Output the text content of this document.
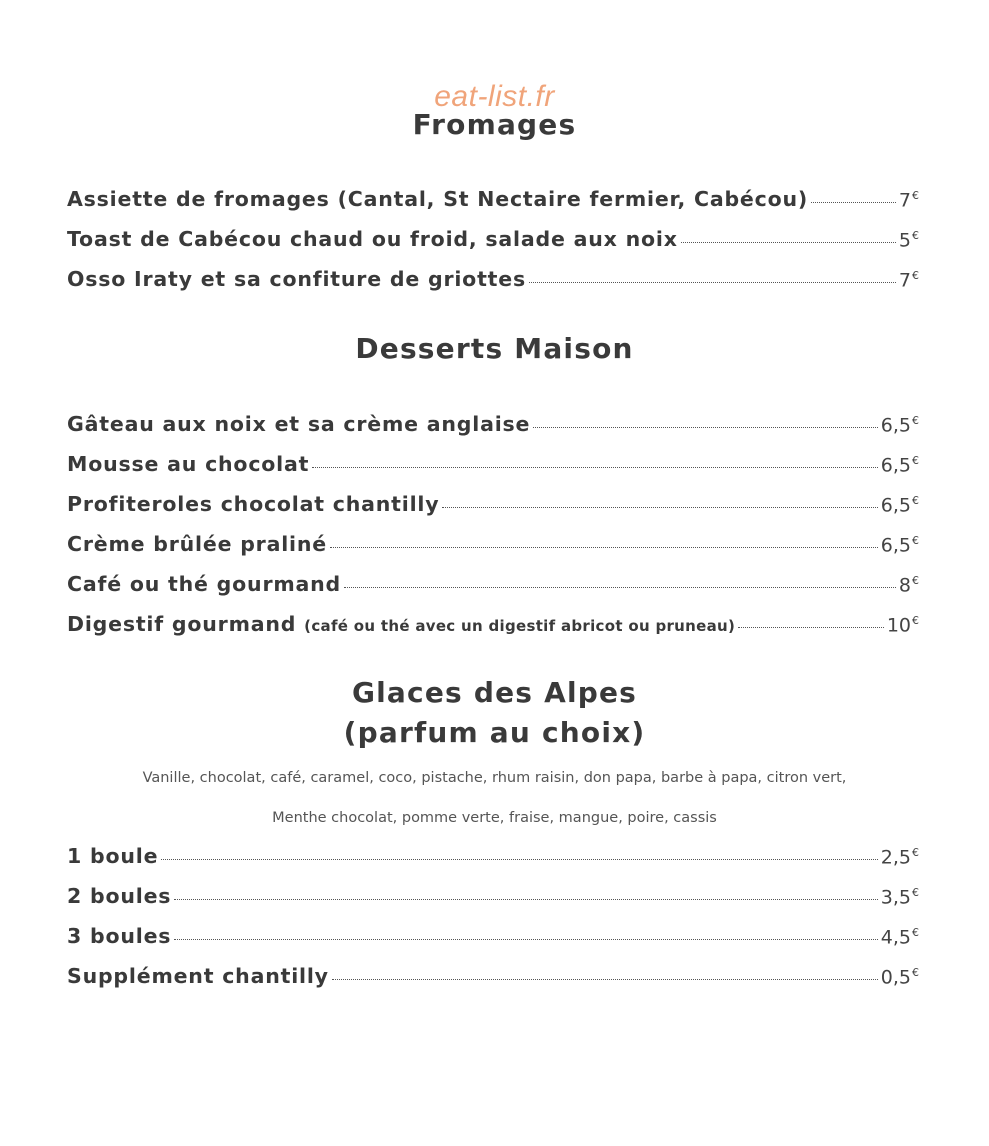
eat-list.fr
Fromages
Assiette de fromages (Cantal, St Nectaire fermier, Cabécou)	7€
Toast de Cabécou chaud ou froid, salade aux noix	5€
Osso Iraty et sa confiture de griottes	7€
Desserts Maison
Gâteau aux noix et sa crème anglaise	6,5€
Mousse au chocolat	6,5€
Profiteroles chocolat chantilly	6,5€
Crème brûlée praliné	6,5€
Café ou thé gourmand	8€
Digestif gourmand (café ou thé avec un digestif abricot ou pruneau)	10€
Glaces des Alpes
(parfum au choix)
Vanille, chocolat, café, caramel, coco, pistache, rhum raisin, don papa, barbe à papa, citron vert,
Menthe chocolat, pomme verte, fraise, mangue, poire, cassis
1 boule	2,5€
2 boules	3,5€
3 boules	4,5€
Supplément chantilly	0,5€
